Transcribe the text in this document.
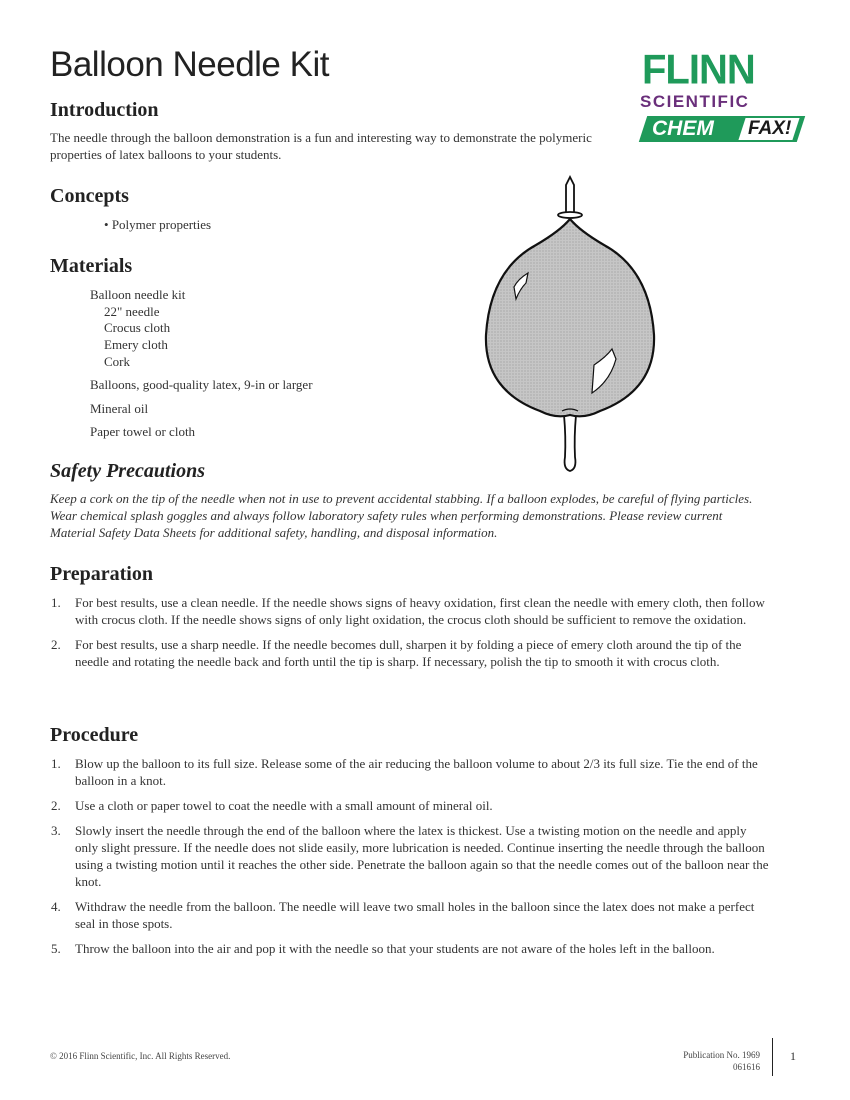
Balloon Needle Kit	FLINN
SCIENTIFIC
CHEM FAX!
Introduction
The needle through the balloon demonstration is a fun and interesting way to demonstrate the polymeric properties of latex balloons to your students.
Concepts
• Polymer properties
Materials
Balloon needle kit
22" needle
Crocus cloth
Emery cloth
Cork
Balloons, good-quality latex, 9-in or larger
Mineral oil
Paper towel or cloth
Safety Precautions
Keep a cork on the tip of the needle when not in use to prevent accidental stabbing. If a balloon explodes, be careful of flying particles. Wear chemical splash goggles and always follow laboratory safety rules when performing demonstrations. Please review current Material Safety Data Sheets for additional safety, handling, and disposal information.
Preparation
1. For best results, use a clean needle. If the needle shows signs of heavy oxidation, first clean the needle with emery cloth, then follow with crocus cloth. If the needle shows signs of only light oxidation, the crocus cloth should be sufficient to remove the oxidation.
2. For best results, use a sharp needle. If the needle becomes dull, sharpen it by folding a piece of emery cloth around the tip of the needle and rotating the needle back and forth until the tip is sharp. If necessary, polish the tip to smooth it with crocus cloth.
Procedure
1. Blow up the balloon to its full size. Release some of the air reducing the balloon volume to about 2/3 its full size. Tie the end of the balloon in a knot.
2. Use a cloth or paper towel to coat the needle with a small amount of mineral oil.
3. Slowly insert the needle through the end of the balloon where the latex is thickest. Use a twisting motion on the needle and apply only slight pressure. If the needle does not slide easily, more lubrication is needed. Continue inserting the needle through the balloon using a twisting motion until it reaches the other side. Penetrate the balloon again so that the needle comes out of the balloon near the knot.
4. Withdraw the needle from the balloon. The needle will leave two small holes in the balloon since the latex does not make a perfect seal in those spots.
5. Throw the balloon into the air and pop it with the needle so that your students are not aware of the holes left in the balloon.
© 2016 Flinn Scientific, Inc. All Rights Reserved.	Publication No. 1969
061616
1
